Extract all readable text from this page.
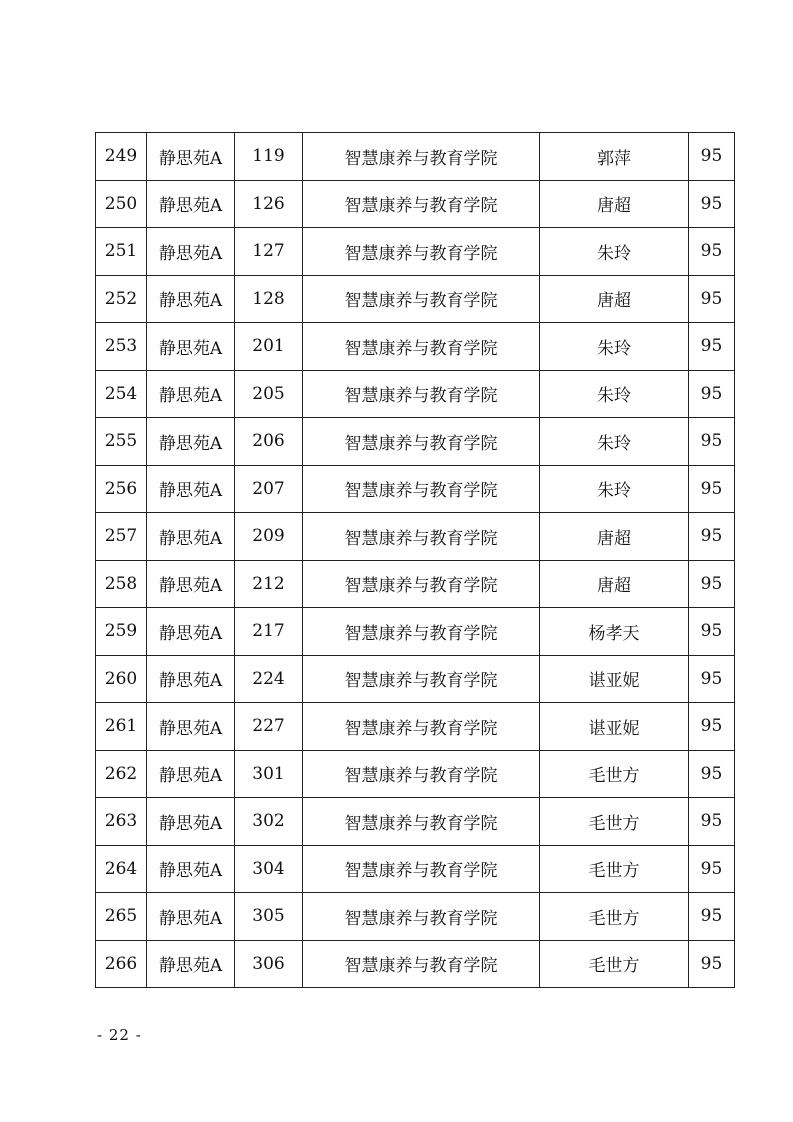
249	静思苑A	119	智慧康养与教育学院	郭萍	95
250	静思苑A	126	智慧康养与教育学院	唐超	95
251	静思苑A	127	智慧康养与教育学院	朱玲	95
252	静思苑A	128	智慧康养与教育学院	唐超	95
253	静思苑A	201	智慧康养与教育学院	朱玲	95
254	静思苑A	205	智慧康养与教育学院	朱玲	95
255	静思苑A	206	智慧康养与教育学院	朱玲	95
256	静思苑A	207	智慧康养与教育学院	朱玲	95
257	静思苑A	209	智慧康养与教育学院	唐超	95
258	静思苑A	212	智慧康养与教育学院	唐超	95
259	静思苑A	217	智慧康养与教育学院	杨孝天	95
260	静思苑A	224	智慧康养与教育学院	谌亚妮	95
261	静思苑A	227	智慧康养与教育学院	谌亚妮	95
262	静思苑A	301	智慧康养与教育学院	毛世方	95
263	静思苑A	302	智慧康养与教育学院	毛世方	95
264	静思苑A	304	智慧康养与教育学院	毛世方	95
265	静思苑A	305	智慧康养与教育学院	毛世方	95
266	静思苑A	306	智慧康养与教育学院	毛世方	95
- 22 -
